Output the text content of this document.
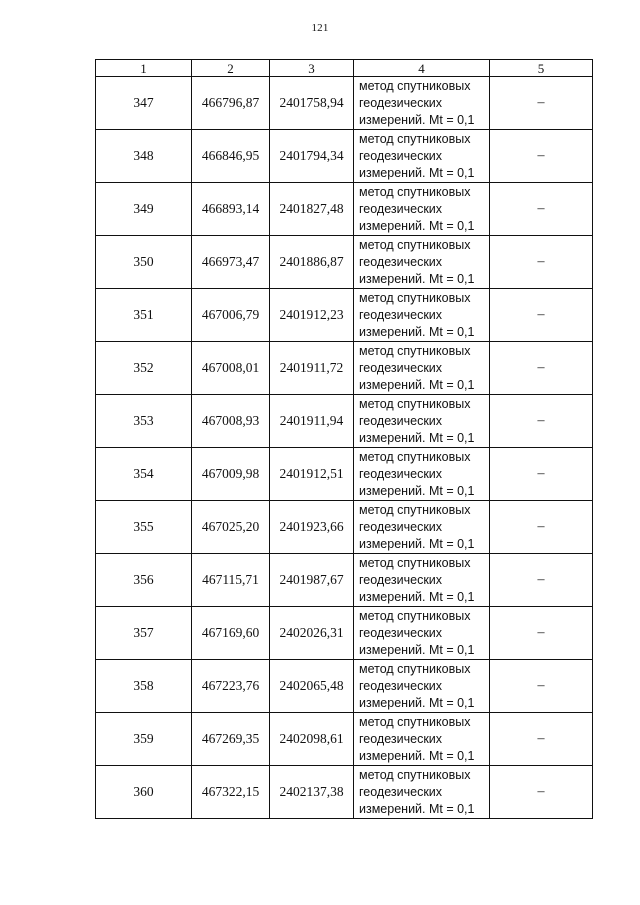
121
1	2	3	4	5
347	466796,87	2401758,94	метод спутниковых
геодезических
измерений. Mt = 0,1	–
348	466846,95	2401794,34	метод спутниковых
геодезических
измерений. Mt = 0,1	–
349	466893,14	2401827,48	метод спутниковых
геодезических
измерений. Mt = 0,1	–
350	466973,47	2401886,87	метод спутниковых
геодезических
измерений. Mt = 0,1	–
351	467006,79	2401912,23	метод спутниковых
геодезических
измерений. Mt = 0,1	–
352	467008,01	2401911,72	метод спутниковых
геодезических
измерений. Mt = 0,1	–
353	467008,93	2401911,94	метод спутниковых
геодезических
измерений. Mt = 0,1	–
354	467009,98	2401912,51	метод спутниковых
геодезических
измерений. Mt = 0,1	–
355	467025,20	2401923,66	метод спутниковых
геодезических
измерений. Mt = 0,1	–
356	467115,71	2401987,67	метод спутниковых
геодезических
измерений. Mt = 0,1	–
357	467169,60	2402026,31	метод спутниковых
геодезических
измерений. Mt = 0,1	–
358	467223,76	2402065,48	метод спутниковых
геодезических
измерений. Mt = 0,1	–
359	467269,35	2402098,61	метод спутниковых
геодезических
измерений. Mt = 0,1	–
360	467322,15	2402137,38	метод спутниковых
геодезических
измерений. Mt = 0,1	–
